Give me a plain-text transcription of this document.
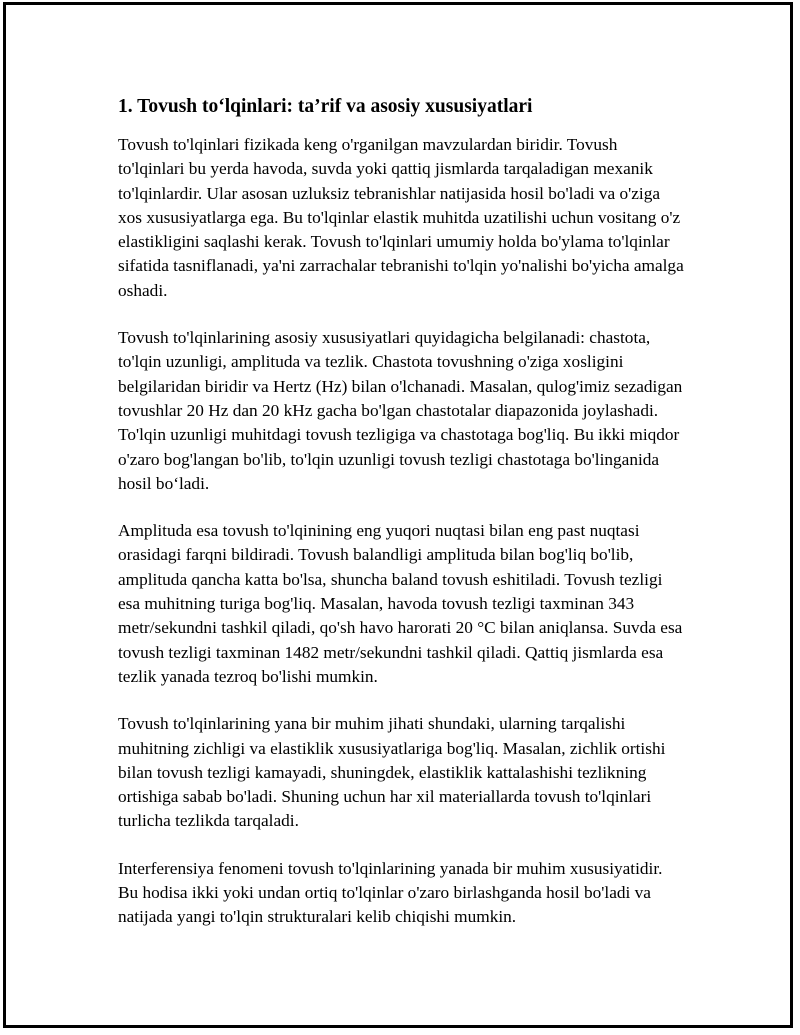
1. Tovush to‘lqinlari: ta’rif va asosiy xususiyatlari

Tovush to'lqinlari fizikada keng o'rganilgan mavzulardan biridir. Tovush to'lqinlari bu yerda havoda, suvda yoki qattiq jismlarda tarqaladigan mexanik to'lqinlardir. Ular asosan uzluksiz tebranishlar natijasida hosil bo'ladi va o'ziga xos xususiyatlarga ega. Bu to'lqinlar elastik muhitda uzatilishi uchun vositang o'z elastikligini saqlashi kerak. Tovush to'lqinlari umumiy holda bo'ylama to'lqinlar sifatida tasniflanadi, ya'ni zarrachalar tebranishi to'lqin yo'nalishi bo'yicha amalga oshadi.

Tovush to'lqinlarining asosiy xususiyatlari quyidagicha belgilanadi: chastota, to'lqin uzunligi, amplituda va tezlik. Chastota tovushning o'ziga xosligini belgilaridan biridir va Hertz (Hz) bilan o'lchanadi. Masalan, qulog'imiz sezadigan tovushlar 20 Hz dan 20 kHz gacha bo'lgan chastotalar diapazonida joylashadi. To'lqin uzunligi muhitdagi tovush tezligiga va chastotaga bog'liq. Bu ikki miqdor o'zaro bog'langan bo'lib, to'lqin uzunligi tovush tezligi chastotaga bo'linganida hosil bo‘ladi.

Amplituda esa tovush to'lqinining eng yuqori nuqtasi bilan eng past nuqtasi orasidagi farqni bildiradi. Tovush balandligi amplituda bilan bog'liq bo'lib, amplituda qancha katta bo'lsa, shuncha baland tovush eshitiladi. Tovush tezligi esa muhitning turiga bog'liq. Masalan, havoda tovush tezligi taxminan 343 metr/sekundni tashkil qiladi, qo'sh havo harorati 20 °C bilan aniqlansa. Suvda esa tovush tezligi taxminan 1482 metr/sekundni tashkil qiladi. Qattiq jismlarda esa tezlik yanada tezroq bo'lishi mumkin.

Tovush to'lqinlarining yana bir muhim jihati shundaki, ularning tarqalishi muhitning zichligi va elastiklik xususiyatlariga bog'liq. Masalan, zichlik ortishi bilan tovush tezligi kamayadi, shuningdek, elastiklik kattalashishi tezlikning ortishiga sabab bo'ladi. Shuning uchun har xil materiallarda tovush to'lqinlari turlicha tezlikda tarqaladi.

Interferensiya fenomeni tovush to'lqinlarining yanada bir muhim xususiyatidir. Bu hodisa ikki yoki undan ortiq to'lqinlar o'zaro birlashganda hosil bo'ladi va natijada yangi to'lqin strukturalari kelib chiqishi mumkin.
